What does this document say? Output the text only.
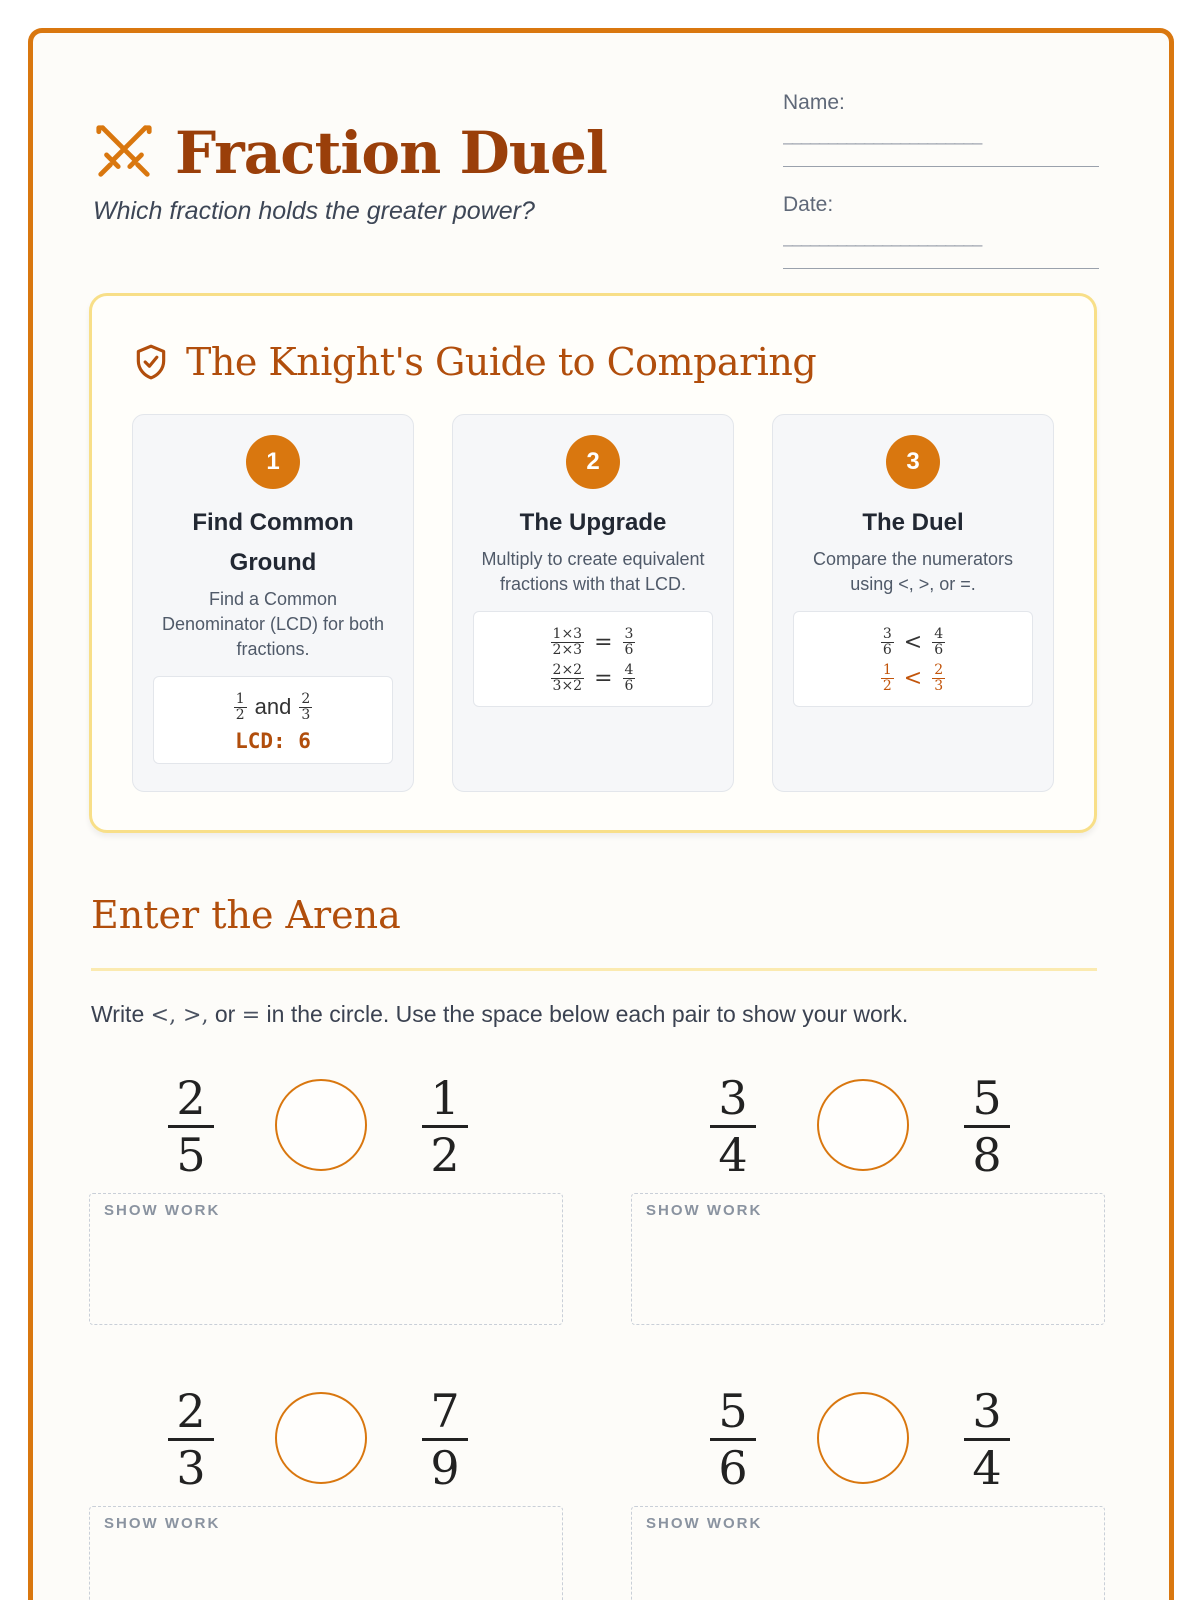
Fraction Duel
Which fraction holds the greater power?
Name:
______________________
Date:
______________________
The Knight's Guide to Comparing
1
Find Common Ground
Find a Common Denominator (LCD) for both fractions.
1
2 and 2
3
LCD: 6
2
The Upgrade
Multiply to create equivalent fractions with that LCD.
$\frac{1\times 3}{2\times 3} = \frac{3}{6}$
$\frac{2\times 2}{3\times 2} = \frac{4}{6}$
3
The Duel
Compare the numerators using <, >, or =.
3
6 < 4
6
1
2 < 2
3
Enter the Arena
Write <, >, or = in the circle. Use the space below each pair to show your work.
2
5
1
2
SHOW WORK
3
4
5
8
SHOW WORK
2
3
7
9
SHOW WORK
5
6
3
4
SHOW WORK
